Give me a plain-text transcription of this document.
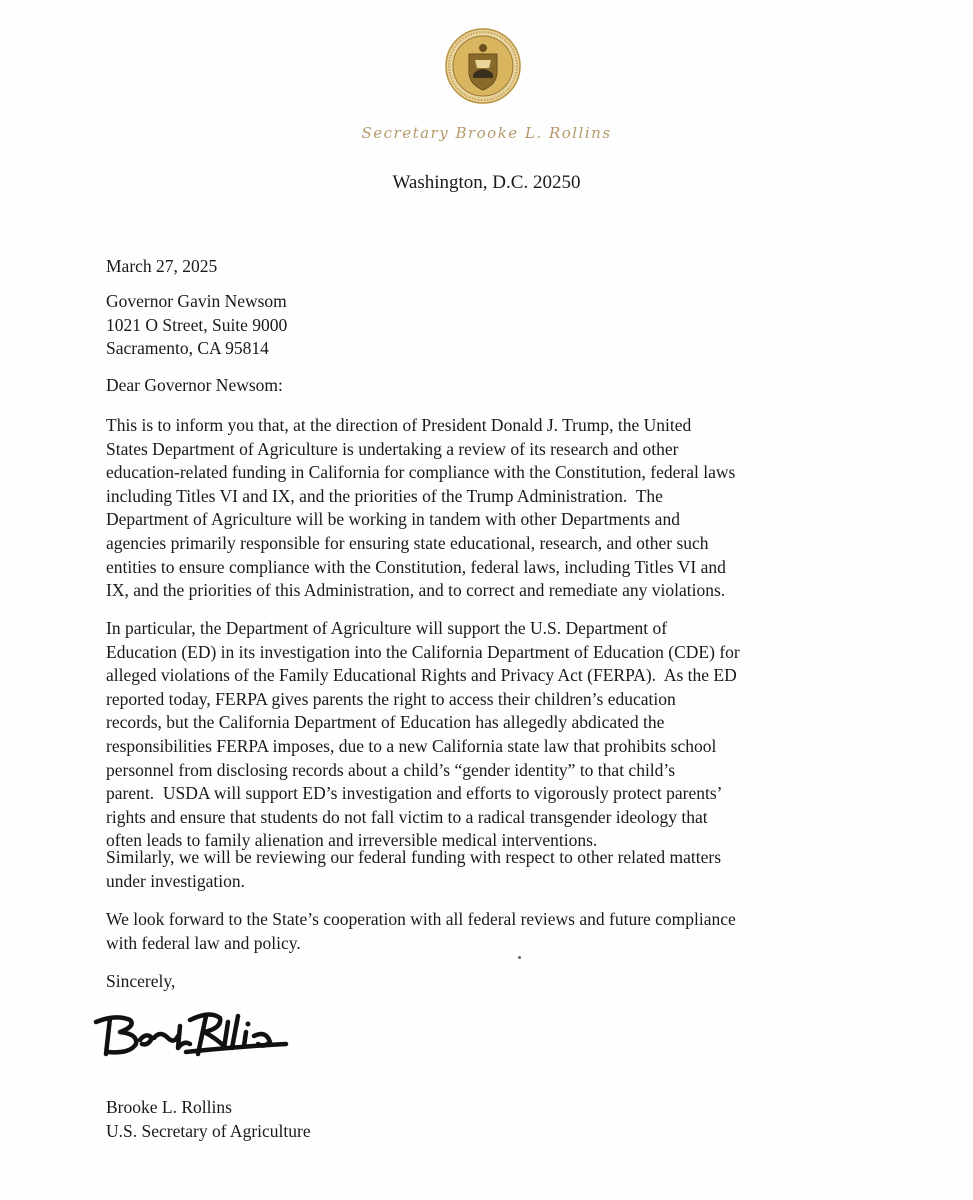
Secretary Brooke L. Rollins
Washington, D.C. 20250
March 27, 2025
Governor Gavin Newsom
1021 O Street, Suite 9000
Sacramento, CA 95814
Dear Governor Newsom:
This is to inform you that, at the direction of President Donald J. Trump, the United
States Department of Agriculture is undertaking a review of its research and other
education-related funding in California for compliance with the Constitution, federal laws
including Titles VI and IX, and the priorities of the Trump Administration.  The
Department of Agriculture will be working in tandem with other Departments and
agencies primarily responsible for ensuring state educational, research, and other such
entities to ensure compliance with the Constitution, federal laws, including Titles VI and
IX, and the priorities of this Administration, and to correct and remediate any violations.
In particular, the Department of Agriculture will support the U.S. Department of
Education (ED) in its investigation into the California Department of Education (CDE) for
alleged violations of the Family Educational Rights and Privacy Act (FERPA).  As the ED
reported today, FERPA gives parents the right to access their children’s education
records, but the California Department of Education has allegedly abdicated the
responsibilities FERPA imposes, due to a new California state law that prohibits school
personnel from disclosing records about a child’s “gender identity” to that child’s
parent.  USDA will support ED’s investigation and efforts to vigorously protect parents’
rights and ensure that students do not fall victim to a radical transgender ideology that
often leads to family alienation and irreversible medical interventions.
Similarly, we will be reviewing our federal funding with respect to other related matters
under investigation.
We look forward to the State’s cooperation with all federal reviews and future compliance
with federal law and policy.
Sincerely,
Brooke L. Rollins
U.S. Secretary of Agriculture
